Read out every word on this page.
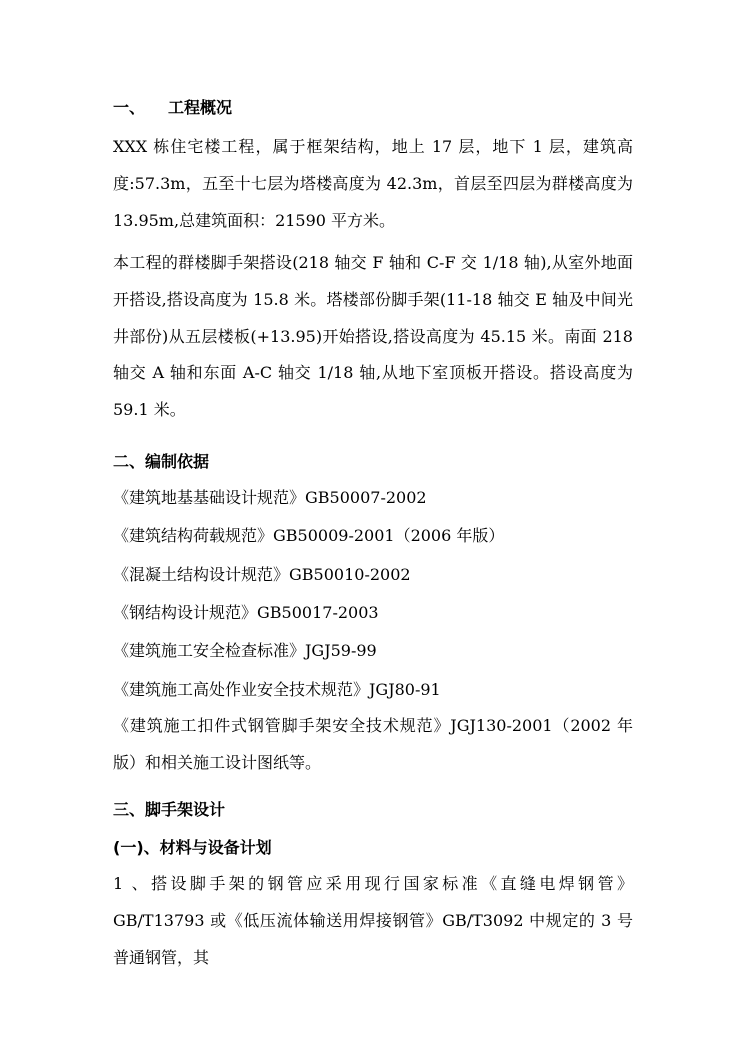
一、 工程概况

XXX 栋住宅楼工程，属于框架结构，地上 17 层，地下 1 层，建筑高度:57.3m，五至十七层为塔楼高度为 42.3m，首层至四层为群楼高度为 13.95m,总建筑面积：21590 平方米。

本工程的群楼脚手架搭设(218 轴交 F 轴和 C-F 交 1/18 轴),从室外地面开搭设,搭设高度为 15.8 米。塔楼部份脚手架(11-18 轴交 E 轴及中间光井部份)从五层楼板(+13.95)开始搭设,搭设高度为 45.15 米。南面 218 轴交 A 轴和东面 A-C 轴交 1/18 轴,从地下室顶板开搭设。搭设高度为 59.1 米。

二、编制依据
《建筑地基基础设计规范》GB50007-2002
《建筑结构荷载规范》GB50009-2001（2006 年版）
《混凝土结构设计规范》GB50010-2002
《钢结构设计规范》GB50017-2003
《建筑施工安全检查标准》JGJ59-99
《建筑施工高处作业安全技术规范》JGJ80-91

《建筑施工扣件式钢管脚手架安全技术规范》JGJ130-2001（2002 年版）和相关施工设计图纸等。

三、脚手架设计
(一)、材料与设备计划

1 、搭设脚手架的钢管应采用现行国家标准《直缝电焊钢管》GB/T13793 或《低压流体输送用焊接钢管》GB/T3092 中规定的 3 号普通钢管，其
